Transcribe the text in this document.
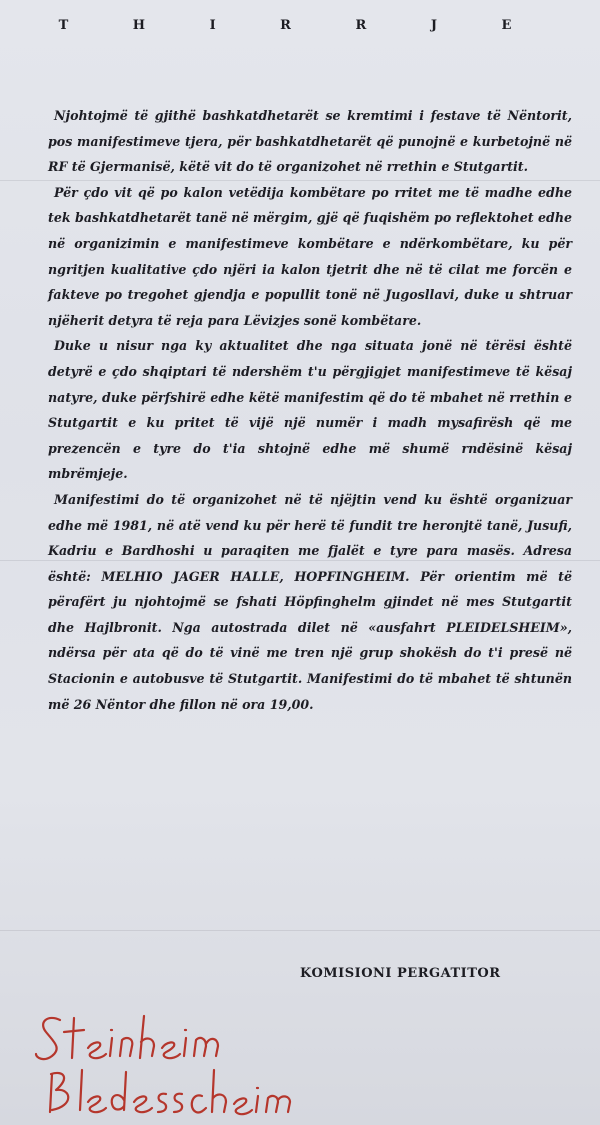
T H I R R J E

Njohtojmë të gjithë bashkatdhetarët se kremtimi i festave të Nëntorit, pos manifestimeve tjera, për bashkatdhetarët që punojnë e kurbetojnë në RF të Gjermanisë, këtë vit do të organizohet në rrethin e Stutgartit.

Për çdo vit që po kalon vetëdija kombëtare po rritet me të madhe edhe tek bashkatdhetarët tanë në mërgim, gjë që fuqishëm po reflektohet edhe në organizimin e manifestimeve kombëtare e ndërkombëtare, ku për ngritjen kualitative çdo njëri ia kalon tjetrit dhe në të cilat me forcën e fakteve po tregohet gjendja e popullit tonë në Jugosllavi, duke u shtruar njëherit detyra të reja para Lëvizjes sonë kombëtare.

Duke u nisur nga ky aktualitet dhe nga situata jonë në tërësi është detyrë e çdo shqiptari të ndershëm t'u përgjigjet manifestimeve të kësaj natyre, duke përfshirë edhe këtë manifestim që do të mbahet në rrethin e Stutgartit e ku pritet të vijë një numër i madh mysafirësh që me prezencën e tyre do t'ia shtojnë edhe më shumë rndësinë kësaj mbrëmjeje.

Manifestimi do të organizohet në të njëjtin vend ku është organizuar edhe më 1981, në atë vend ku për herë të fundit tre heronjtë tanë, Jusufi, Kadriu e Bardhoshi u paraqiten me fjalët e tyre para masës. Adresa është: MELHIO JAGER HALLE, HOPFINGHEIM. Për orientim më të përafërt ju njohtojmë se fshati Höpfinghelm gjindet në mes Stutgartit dhe Hajlbronit. Nga autostrada dilet në «ausfahrt PLEIDELSHEIM», ndërsa për ata që do të vinë me tren një grup shokësh do t'i presë në Stacionin e autobusve të Stutgartit. Manifestimi do të mbahet të shtunën më 26 Nëntor dhe fillon në ora 19,00.

KOMISIONI PERGATITOR
